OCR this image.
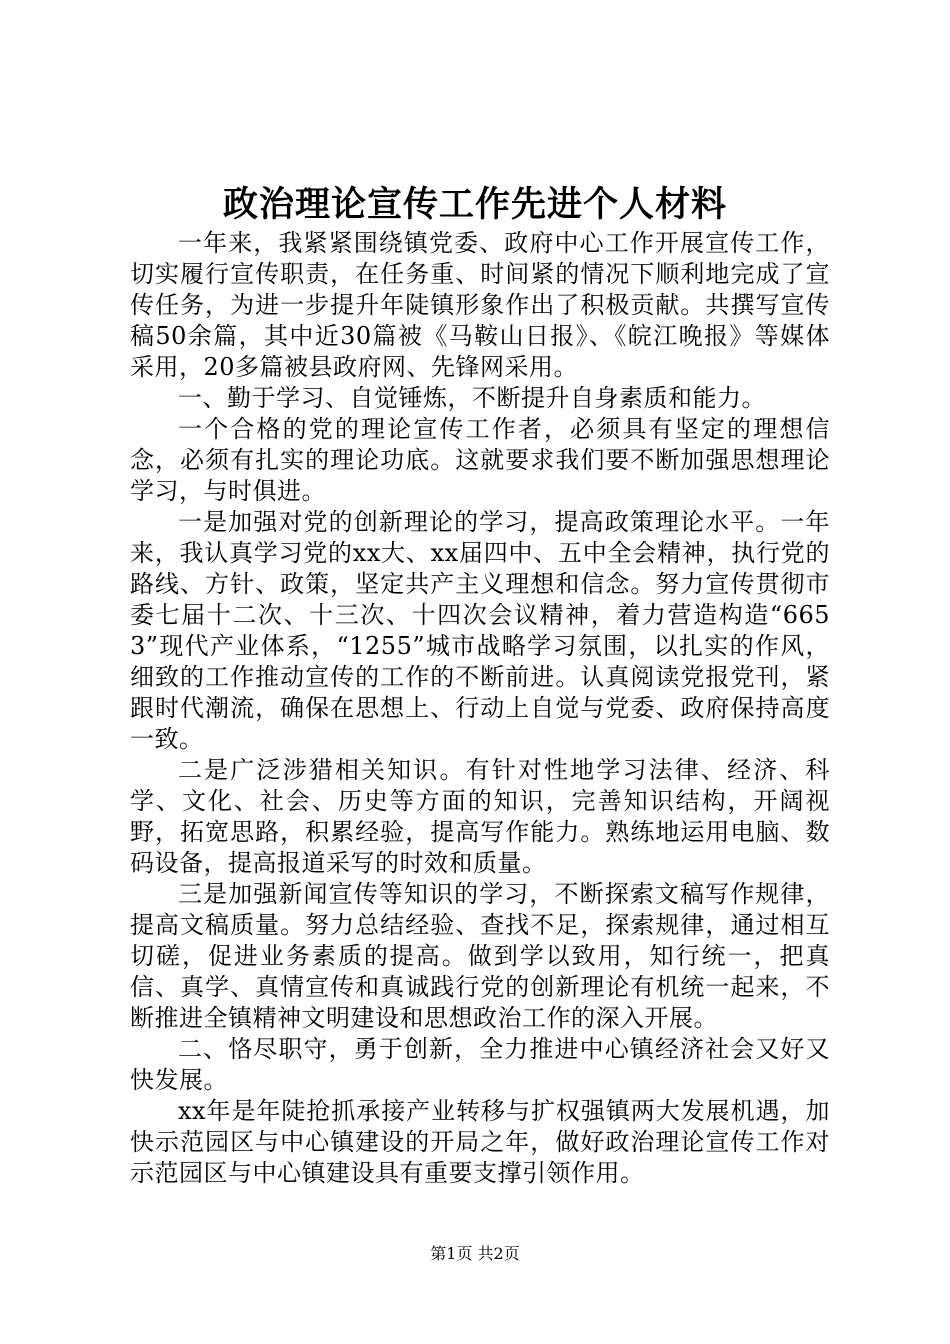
政治理论宣传工作先进个人材料

一年来，我紧紧围绕镇党委、政府中心工作开展宣传工作，切实履行宣传职责，在任务重、时间紧的情况下顺利地完成了宣传任务，为进一步提升年陡镇形象作出了积极贡献。共撰写宣传稿50余篇，其中近30篇被《马鞍山日报》、《皖江晚报》等媒体采用，20多篇被县政府网、先锋网采用。

一、勤于学习、自觉锤炼，不断提升自身素质和能力。

一个合格的党的理论宣传工作者，必须具有坚定的理想信念，必须有扎实的理论功底。这就要求我们要不断加强思想理论学习，与时俱进。

一是加强对党的创新理论的学习，提高政策理论水平。一年来，我认真学习党的xx大、xx届四中、五中全会精神，执行党的路线、方针、政策，坚定共产主义理想和信念。努力宣传贯彻市委七届十二次、十三次、十四次会议精神，着力营造构造“6653”现代产业体系，“1255”城市战略学习氛围，以扎实的作风，细致的工作推动宣传的工作的不断前进。认真阅读党报党刊，紧跟时代潮流，确保在思想上、行动上自觉与党委、政府保持高度一致。

二是广泛涉猎相关知识。有针对性地学习法律、经济、科学、文化、社会、历史等方面的知识，完善知识结构，开阔视野，拓宽思路，积累经验，提高写作能力。熟练地运用电脑、数码设备，提高报道采写的时效和质量。

三是加强新闻宣传等知识的学习，不断探索文稿写作规律，提高文稿质量。努力总结经验、查找不足，探索规律，通过相互切磋，促进业务素质的提高。做到学以致用，知行统一，把真信、真学、真情宣传和真诚践行党的创新理论有机统一起来，不断推进全镇精神文明建设和思想政治工作的深入开展。

二、恪尽职守，勇于创新，全力推进中心镇经济社会又好又快发展。

xx年是年陡抢抓承接产业转移与扩权强镇两大发展机遇，加快示范园区与中心镇建设的开局之年，做好政治理论宣传工作对示范园区与中心镇建设具有重要支撑引领作用。

第1页 共2页
